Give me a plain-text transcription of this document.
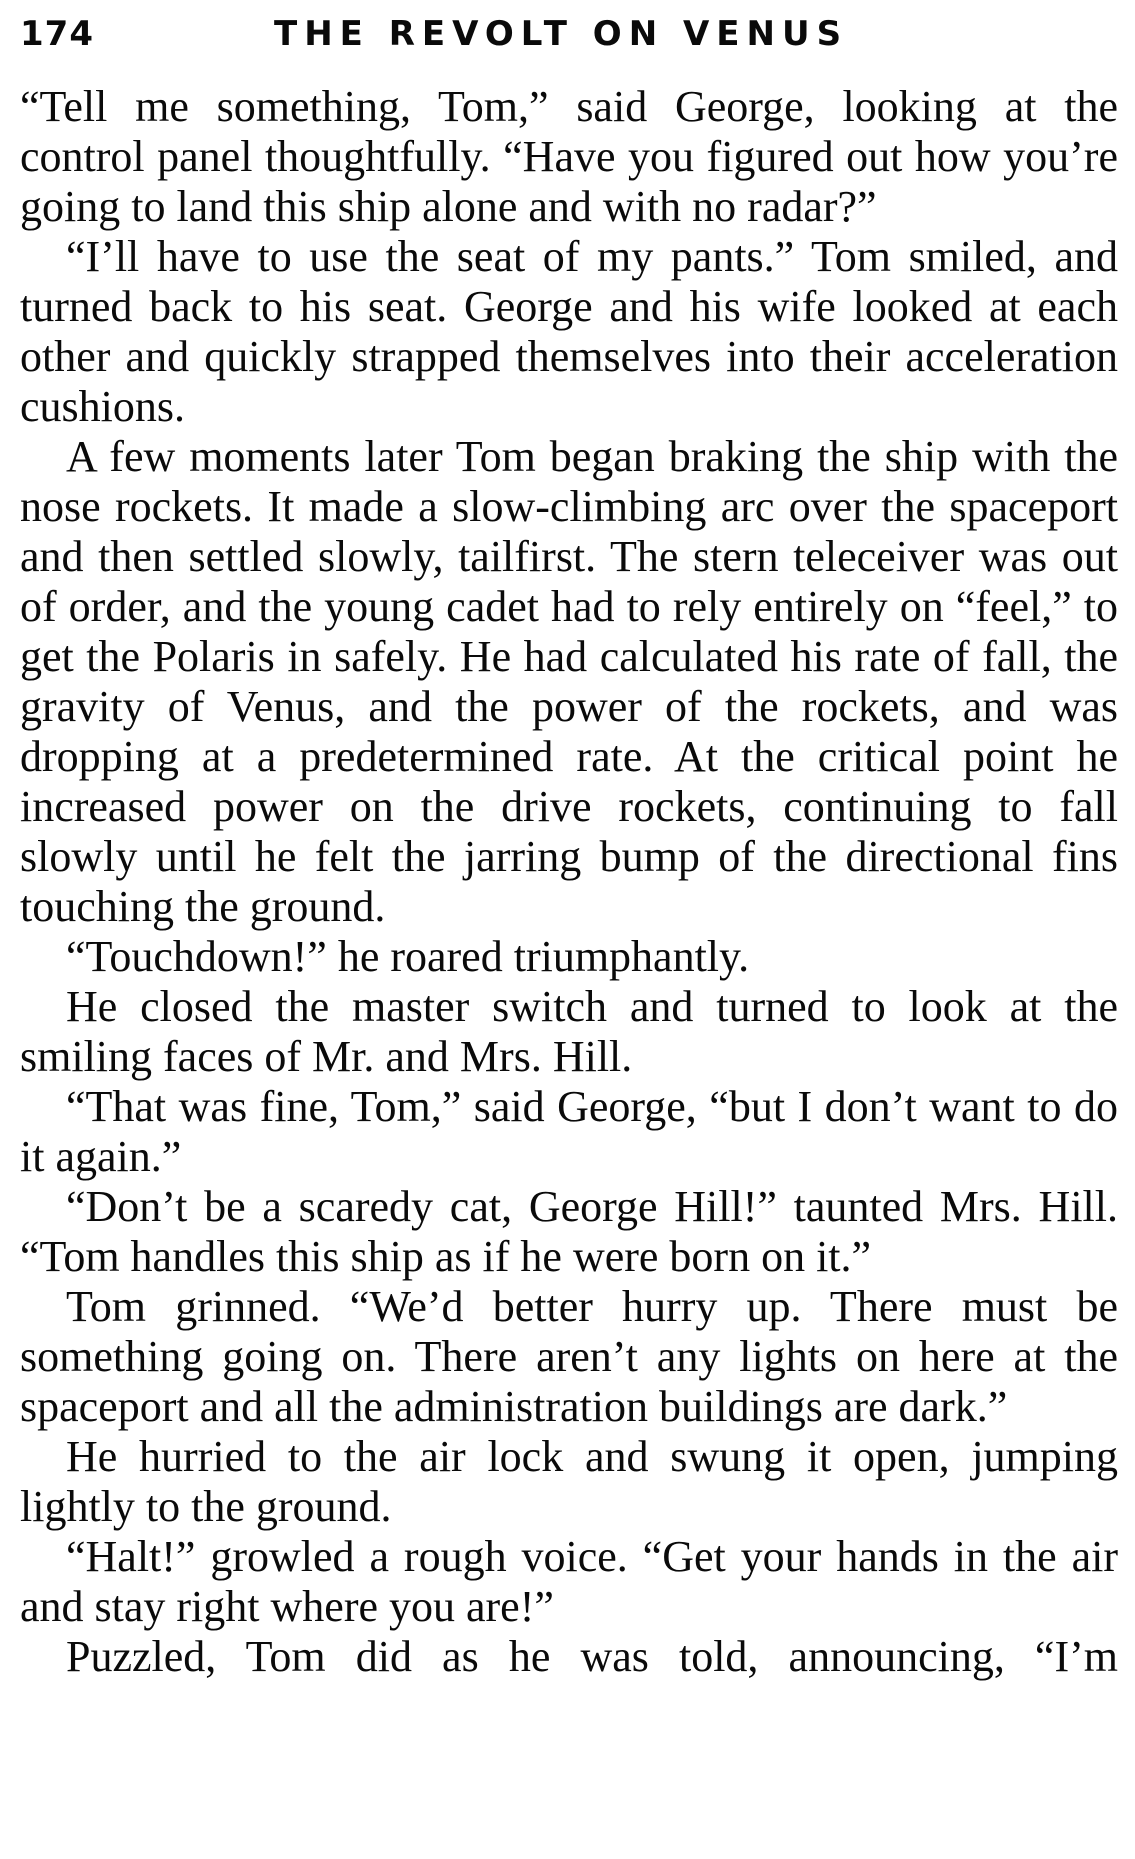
174	THE REVOLT ON VENUS

“Tell me something, Tom,” said George, looking at the control panel thoughtfully. “Have you figured out how you’re going to land this ship alone and with no radar?”

“I’ll have to use the seat of my pants.” Tom smiled, and turned back to his seat. George and his wife looked at each other and quickly strapped themselves into their acceleration cushions.

A few moments later Tom began braking the ship with the nose rockets. It made a slow-climbing arc over the spaceport and then settled slowly, tailfirst. The stern teleceiver was out of order, and the young cadet had to rely entirely on “feel,” to get the Polaris in safely. He had calculated his rate of fall, the gravity of Venus, and the power of the rockets, and was dropping at a predetermined rate. At the critical point he increased power on the drive rockets, continuing to fall slowly until he felt the jarring bump of the directional fins touching the ground.

“Touchdown!” he roared triumphantly.

He closed the master switch and turned to look at the smiling faces of Mr. and Mrs. Hill.

“That was fine, Tom,” said George, “but I don’t want to do it again.”

“Don’t be a scaredy cat, George Hill!” taunted Mrs. Hill. “Tom handles this ship as if he were born on it.”

Tom grinned. “We’d better hurry up. There must be something going on. There aren’t any lights on here at the spaceport and all the administration buildings are dark.”

He hurried to the air lock and swung it open, jumping lightly to the ground.

“Halt!” growled a rough voice. “Get your hands in the air and stay right where you are!”

Puzzled, Tom did as he was told, announcing, “I’m
